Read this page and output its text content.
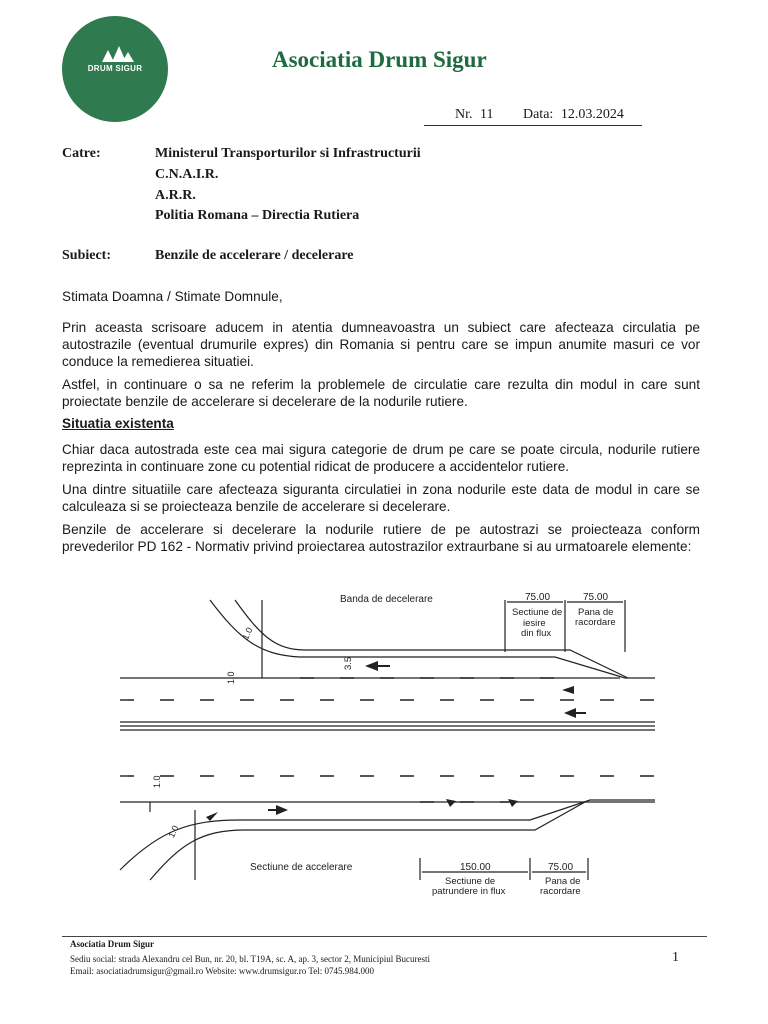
DRUM SIGUR	Asociatia Drum Sigur
Nr. 11 Data: 12.03.2024
Catre:	Ministerul Transporturilor si Infrastructurii
C.N.A.I.R.
A.R.R.
Politia Romana – Directia Rutiera
Subiect:	Benzile de accelerare / decelerare
Stimata Doamna / Stimate Domnule,
Prin aceasta scrisoare aducem in atentia dumneavoastra un subiect care afecteaza circulatia pe autostrazile (eventual drumurile expres) din Romania si pentru care se impun anumite masuri ce vor conduce la remedierea situatiei.
Astfel, in continuare o sa ne referim la problemele de circulatie care rezulta din modul in care sunt proiectate benzile de accelerare si decelerare de la nodurile rutiere.
Situatia existenta
Chiar daca autostrada este cea mai sigura categorie de drum pe care se poate circula, nodurile rutiere reprezinta in continuare zone cu potential ridicat de producere a accidentelor rutiere.
Una dintre situatiile care afecteaza siguranta circulatiei in zona nodurile este data de modul in care se calculeaza si se proiecteaza benzile de accelerare si decelerare.
Benzile de accelerare si decelerare la nodurile rutiere de pe autostrazi se proiecteaza conform prevederilor PD 162 - Normativ privind proiectarea autostrazilor extraurbane si au urmatoarele elemente:
Banda de decelerare	75.00	75.00
Sectiune de
iesire
din flux
Pana de
racordare
3.5
1.0
1.0
1.0
1.0
Sectiune de accelerare	150.00	75.00
Sectiune de
patrundere in flux
Pana de
racordare
Asociatia Drum Sigur
Sediu social: strada Alexandru cel Bun, nr. 20, bl. T19A, sc. A, ap. 3, sector 2, Municipiul Bucuresti
Email: asociatiadrumsigur@gmail.ro Website: www.drumsigur.ro Tel: 0745.984.000
1
